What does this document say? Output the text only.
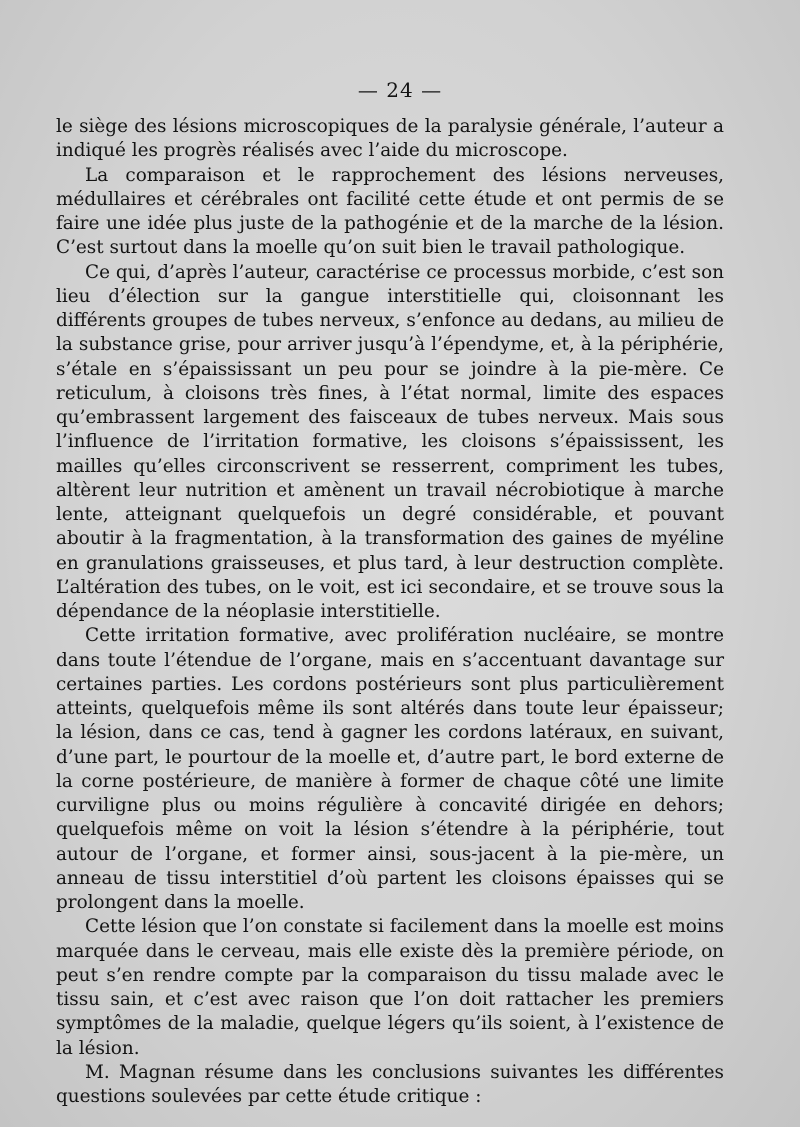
— 24 —

le siège des lésions microscopiques de la paralysie générale, l’auteur a indiqué les progrès réalisés avec l’aide du microscope.

La comparaison et le rapprochement des lésions nerveuses, médullaires et cérébrales ont facilité cette étude et ont permis de se faire une idée plus juste de la pathogénie et de la marche de la lésion. C’est surtout dans la moelle qu’on suit bien le travail pathologique.

Ce qui, d’après l’auteur, caractérise ce processus morbide, c’est son lieu d’élection sur la gangue interstitielle qui, cloisonnant les différents groupes de tubes nerveux, s’enfonce au dedans, au milieu de la substance grise, pour arriver jusqu’à l’épendyme, et, à la périphérie, s’étale en s’épaississant un peu pour se joindre à la pie-mère. Ce reticulum, à cloisons très fines, à l’état normal, limite des espaces qu’embrassent largement des faisceaux de tubes nerveux. Mais sous l’influence de l’irritation formative, les cloisons s’épaississent, les mailles qu’elles circonscrivent se resserrent, compriment les tubes, altèrent leur nutrition et amènent un travail nécrobiotique à marche lente, atteignant quelquefois un degré considérable, et pouvant aboutir à la fragmentation, à la transformation des gaines de myéline en granulations graisseuses, et plus tard, à leur destruction complète. L’altération des tubes, on le voit, est ici secondaire, et se trouve sous la dépendance de la néoplasie interstitielle.

Cette irritation formative, avec prolifération nucléaire, se montre dans toute l’étendue de l’organe, mais en s’accentuant davantage sur certaines parties. Les cordons postérieurs sont plus particulièrement atteints, quelquefois même ils sont altérés dans toute leur épaisseur; la lésion, dans ce cas, tend à gagner les cordons latéraux, en suivant, d’une part, le pourtour de la moelle et, d’autre part, le bord externe de la corne postérieure, de manière à former de chaque côté une limite curviligne plus ou moins régulière à concavité dirigée en dehors; quelquefois même on voit la lésion s’étendre à la périphérie, tout autour de l’organe, et former ainsi, sous-jacent à la pie-mère, un anneau de tissu interstitiel d’où partent les cloisons épaisses qui se prolongent dans la moelle.

Cette lésion que l’on constate si facilement dans la moelle est moins marquée dans le cerveau, mais elle existe dès la première période, on peut s’en rendre compte par la comparaison du tissu malade avec le tissu sain, et c’est avec raison que l’on doit rattacher les premiers symptômes de la maladie, quelque légers qu’ils soient, à l’existence de la lésion.

M. Magnan résume dans les conclusions suivantes les différentes questions soulevées par cette étude critique :
